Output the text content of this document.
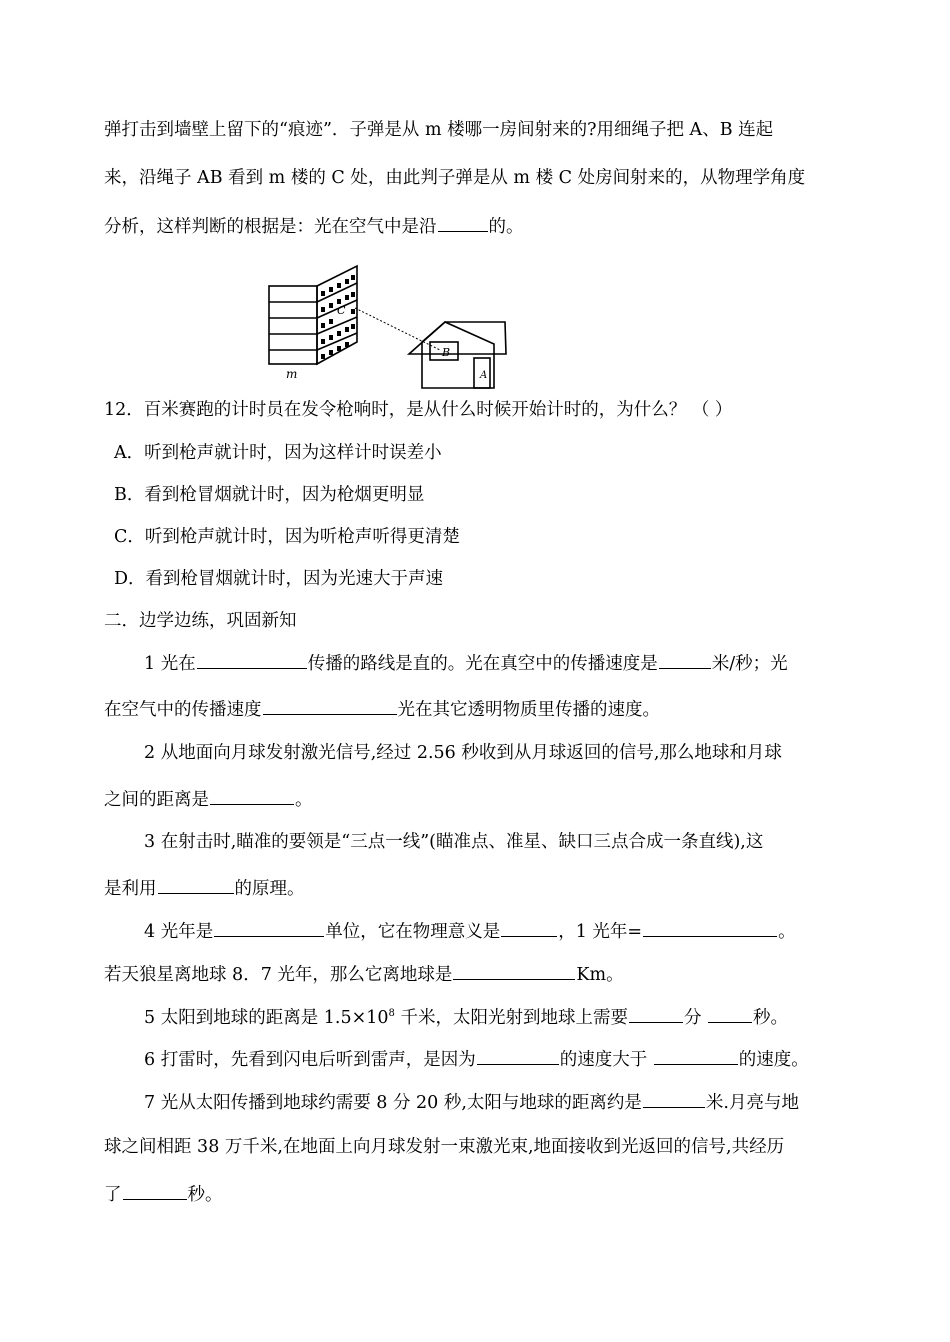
弹打击到墙壁上留下的“痕迹”．子弹是从 m 楼哪一房间射来的?用细绳子把 A、B 连起
来，沿绳子 AB 看到 m 楼的 C 处，由此判子弹是从 m 楼 C 处房间射来的，从物理学角度
分析，这样判断的根据是：光在空气中是沿	的。
m
C
B
A
12．百米赛跑的计时员在发令枪响时，是从什么时候开始计时的，为什么？ （ ）
A．听到枪声就计时，因为这样计时误差小
B．看到枪冒烟就计时，因为枪烟更明显
C．听到枪声就计时，因为听枪声听得更清楚
D．看到枪冒烟就计时，因为光速大于声速
二．边学边练，巩固新知
1 光在	传播的路线是直的。光在真空中的传播速度是	米/秒；光
在空气中的传播速度	光在其它透明物质里传播的速度。
2 从地面向月球发射激光信号,经过 2.56 秒收到从月球返回的信号,那么地球和月球
之间的距离是	。
3 在射击时,瞄准的要领是“三点一线”(瞄准点、准星、缺口三点合成一条直线),这
是利用	的原理。
4 光年是	单位，它在物理意义是	，1 光年=	。
若天狼星离地球 8．7 光年，那么它离地球是	Km。
5 太阳到地球的距离是 $1.5\times 10^8$ 千米，太阳光射到地球上需要	分	秒。
6 打雷时，先看到闪电后听到雷声，是因为	的速度大于	的速度。
7 光从太阳传播到地球约需要 8 分 20 秒,太阳与地球的距离约是	米.月亮与地
球之间相距 38 万千米,在地面上向月球发射一束激光束,地面接收到光返回的信号,共经历
了	秒。
